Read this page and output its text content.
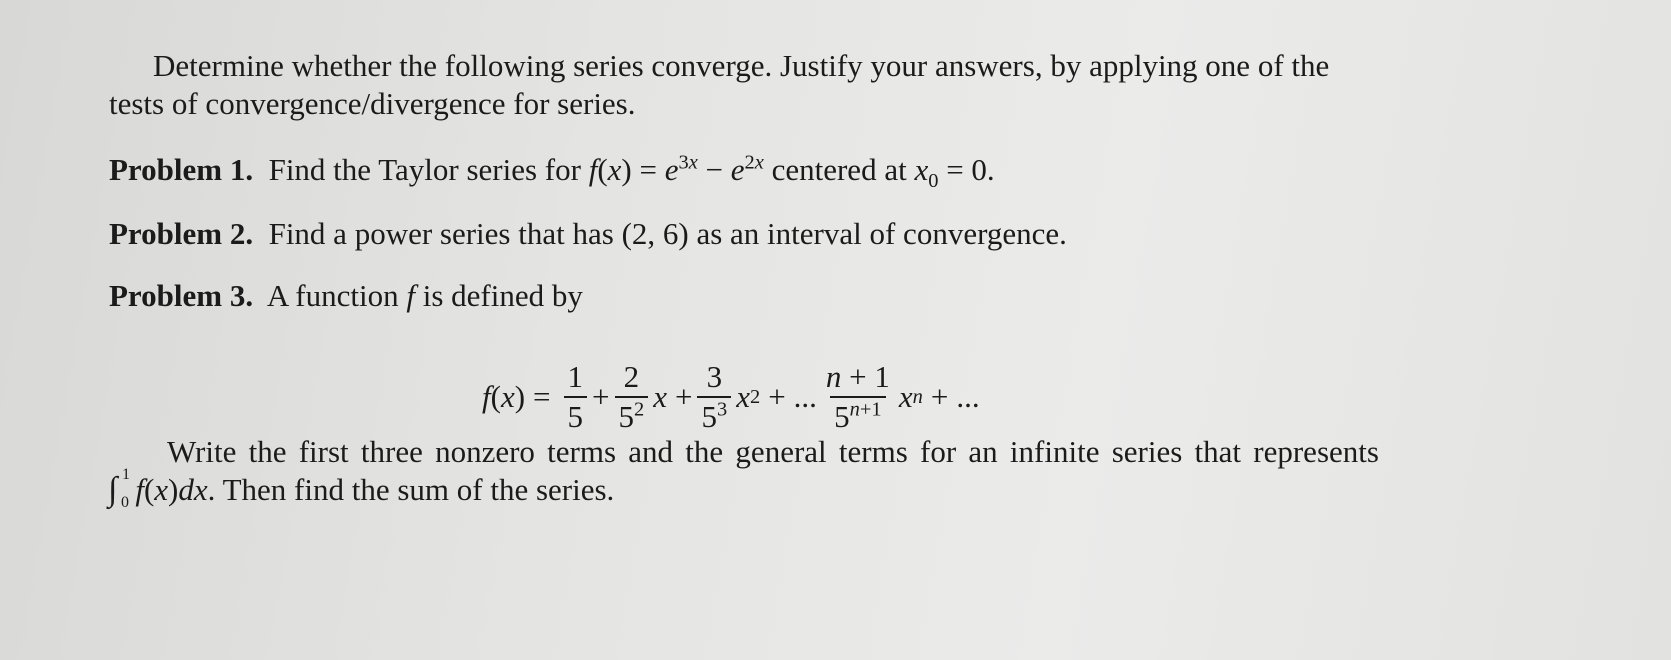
Determine whether the following series converge. Justify your answers, by applying one of the
tests of convergence/divergence for series.
Problem 1. Find the Taylor series for $f(x) = e^{3x} - e^{2x}$ centered at $x_0 = 0$.
Problem 2. Find a power series that has (2, 6) as an interval of convergence.
Problem 3. A function f is defined by
f ( x ) = $\frac{1}{5} + \frac{2}{5^2}$ $x + \frac{3}{5^3}$ x 2 + ... $\frac{n + 1}{5^{n+1}}$ x n + ...
Write the first three nonzero terms and the general terms for an infinite series that represents
∫ 1
0 f(x)dx. Then find the sum of the series.
